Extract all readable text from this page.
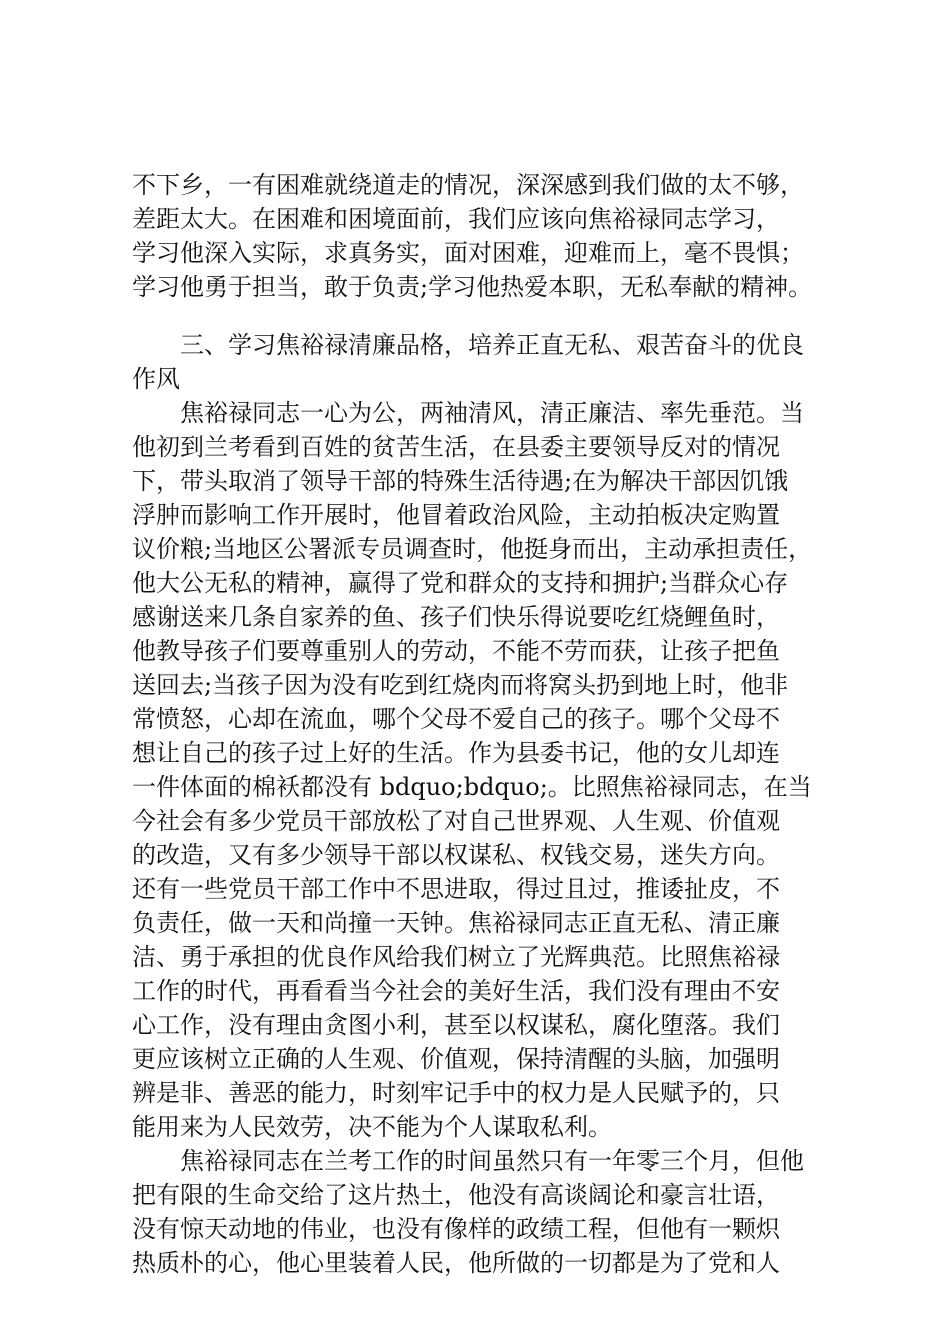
不下乡，一有困难就绕道走的情况，深深感到我们做的太不够，
差距太大。在困难和困境面前，我们应该向焦裕禄同志学习，
学习他深入实际，求真务实，面对困难，迎难而上，毫不畏惧；
学习他勇于担当，敢于负责;学习他热爱本职，无私奉献的精神。
三、学习焦裕禄清廉品格，培养正直无私、艰苦奋斗的优良
作风
焦裕禄同志一心为公，两袖清风，清正廉洁、率先垂范。当
他初到兰考看到百姓的贫苦生活，在县委主要领导反对的情况
下，带头取消了领导干部的特殊生活待遇;在为解决干部因饥饿
浮肿而影响工作开展时，他冒着政治风险，主动拍板决定购置
议价粮;当地区公署派专员调查时，他挺身而出，主动承担责任，
他大公无私的精神，赢得了党和群众的支持和拥护;当群众心存
感谢送来几条自家养的鱼、孩子们快乐得说要吃红烧鲤鱼时，
他教导孩子们要尊重别人的劳动，不能不劳而获，让孩子把鱼
送回去;当孩子因为没有吃到红烧肉而将窝头扔到地上时，他非
常愤怒，心却在流血，哪个父母不爱自己的孩子。哪个父母不
想让自己的孩子过上好的生活。作为县委书记，他的女儿却连
一件体面的棉袄都没有 bdquo;bdquo;。比照焦裕禄同志，在当
今社会有多少党员干部放松了对自己世界观、人生观、价值观
的改造，又有多少领导干部以权谋私、权钱交易，迷失方向。
还有一些党员干部工作中不思进取，得过且过，推诿扯皮，不
负责任，做一天和尚撞一天钟。焦裕禄同志正直无私、清正廉
洁、勇于承担的优良作风给我们树立了光辉典范。比照焦裕禄
工作的时代，再看看当今社会的美好生活，我们没有理由不安
心工作，没有理由贪图小利，甚至以权谋私，腐化堕落。我们
更应该树立正确的人生观、价值观，保持清醒的头脑，加强明
辨是非、善恶的能力，时刻牢记手中的权力是人民赋予的，只
能用来为人民效劳，决不能为个人谋取私利。
焦裕禄同志在兰考工作的时间虽然只有一年零三个月，但他
把有限的生命交给了这片热土，他没有高谈阔论和豪言壮语，
没有惊天动地的伟业，也没有像样的政绩工程，但他有一颗炽
热质朴的心，他心里装着人民，他所做的一切都是为了党和人
